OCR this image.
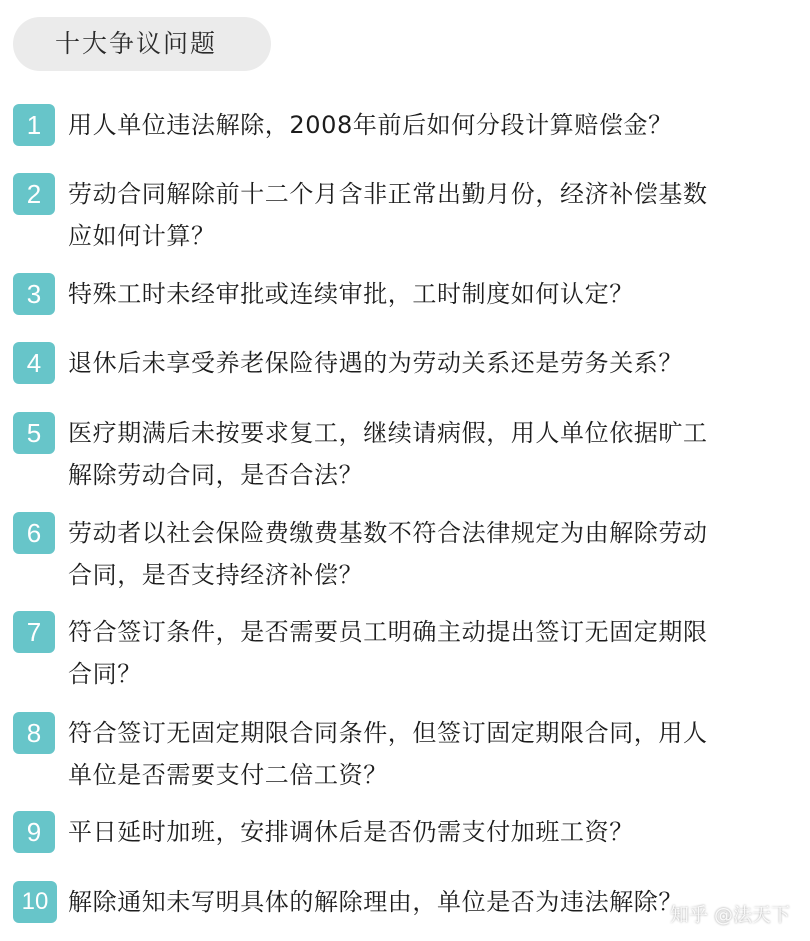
十大争议问题
1	用人单位违法解除，2008年前后如何分段计算赔偿金？
2	劳动合同解除前十二个月含非正常出勤月份，经济补偿基数
应如何计算？
3	特殊工时未经审批或连续审批，工时制度如何认定？
4	退休后未享受养老保险待遇的为劳动关系还是劳务关系？
5	医疗期满后未按要求复工，继续请病假，用人单位依据旷工
解除劳动合同，是否合法？
6	劳动者以社会保险费缴费基数不符合法律规定为由解除劳动
合同，是否支持经济补偿？
7	符合签订条件，是否需要员工明确主动提出签订无固定期限
合同？
8	符合签订无固定期限合同条件，但签订固定期限合同，用人
单位是否需要支付二倍工资？
9	平日延时加班，安排调休后是否仍需支付加班工资？
10 解除通知未写明具体的解除理由，单位是否为违法解除？
知乎 @法天下
